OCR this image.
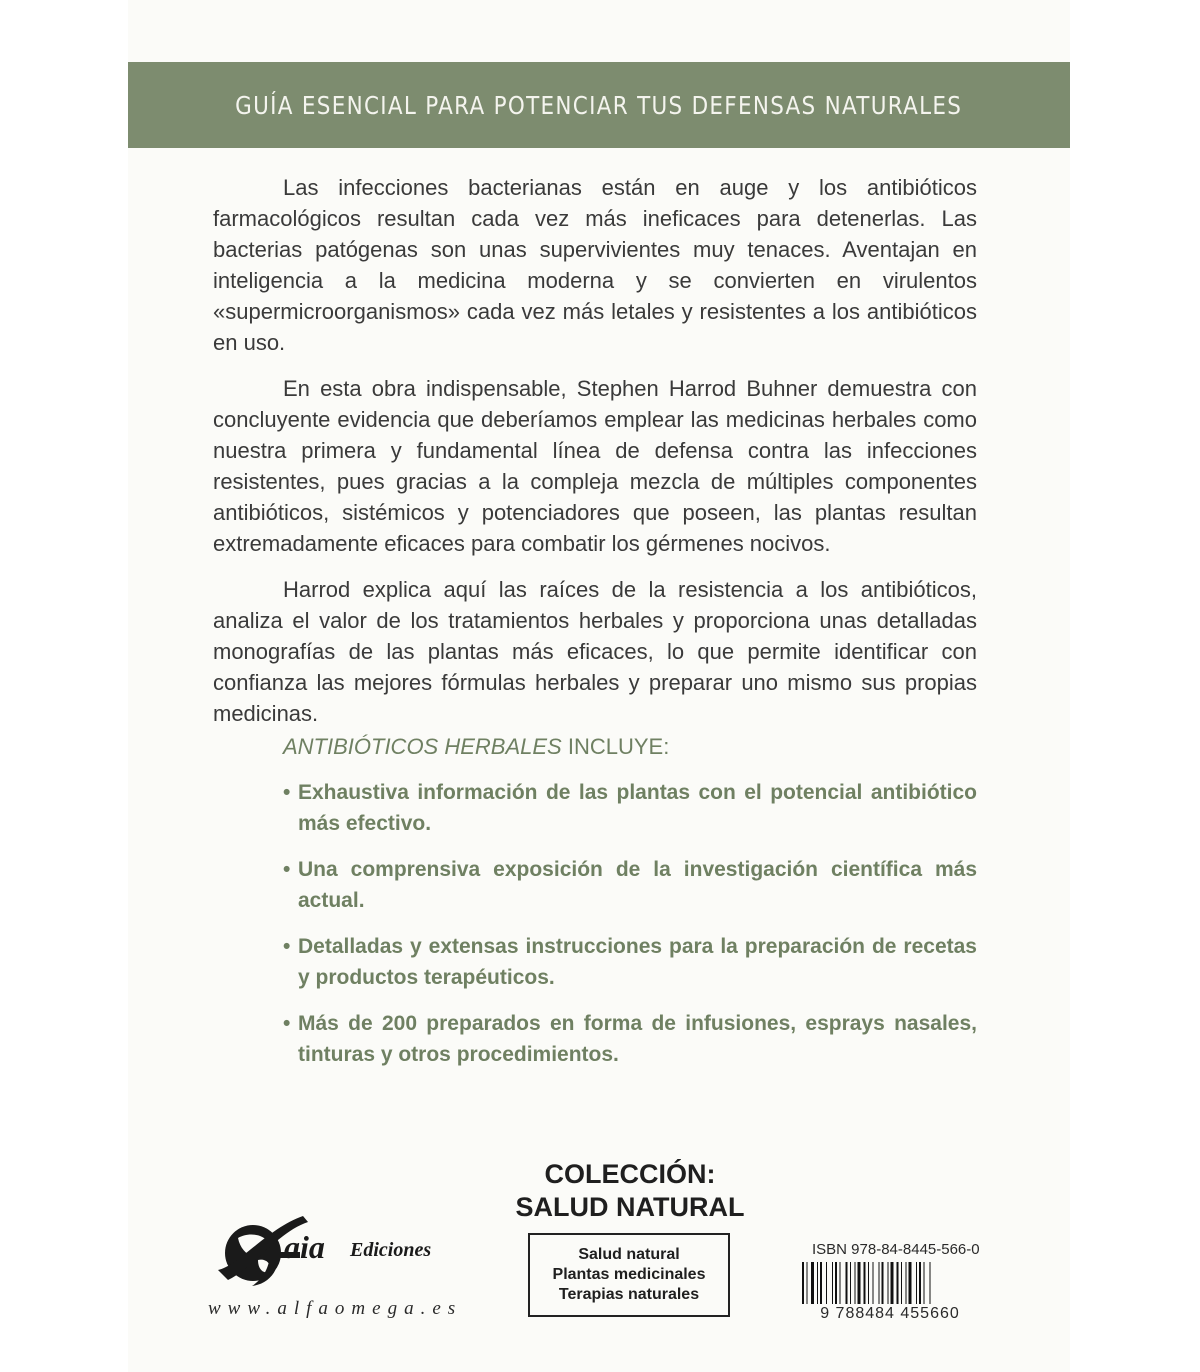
GUÍA ESENCIAL PARA POTENCIAR TUS DEFENSAS NATURALES

Las infecciones bacterianas están en auge y los antibióticos farmacológicos resultan cada vez más ineficaces para detenerlas. Las bacterias patógenas son unas supervivientes muy tenaces. Aventajan en inteligencia a la medicina moderna y se convierten en virulentos «supermicroorganismos» cada vez más letales y resistentes a los antibióticos en uso.

En esta obra indispensable, Stephen Harrod Buhner demuestra con concluyente evidencia que deberíamos emplear las medicinas herbales como nuestra primera y fundamental línea de defensa contra las infecciones resistentes, pues gracias a la compleja mezcla de múltiples componentes antibióticos, sistémicos y potenciadores que poseen, las plantas resultan extremadamente eficaces para combatir los gérmenes nocivos.

Harrod explica aquí las raíces de la resistencia a los antibióticos, analiza el valor de los tratamientos herbales y proporciona unas detalladas monografías de las plantas más eficaces, lo que permite identificar con confianza las mejores fórmulas herbales y preparar uno mismo sus propias medicinas.

ANTIBIÓTICOS HERBALES INCLUYE:
• Exhaustiva información de las plantas con el potencial antibiótico más efectivo.
• Una comprensiva exposición de la investigación científica más actual.
• Detalladas y extensas instrucciones para la preparación de recetas y productos terapéuticos.
• Más de 200 preparados en forma de infusiones, esprays nasales, tinturas y otros procedimientos.
COLECCIÓN:
SALUD NATURAL
Salud natural
Plantas medicinales
Terapias naturales
aia Ediciones
www.alfaomega.es
ISBN 978-84-8445-566-0
9 788484 455660
